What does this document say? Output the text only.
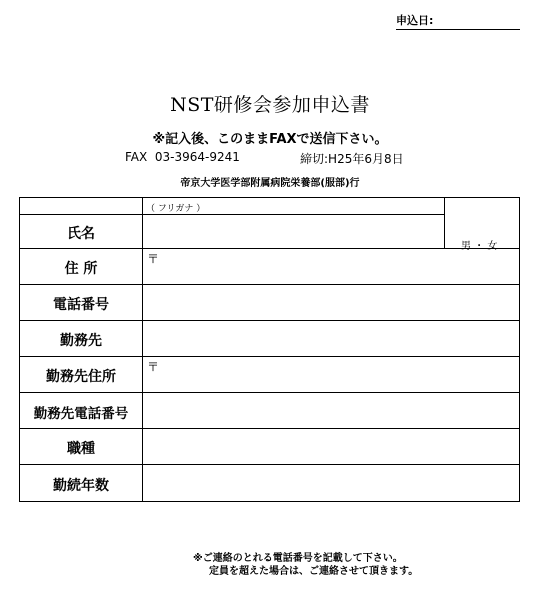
申込日:
NST研修会参加申込書
※記入後、このままFAXで送信下さい。
FAX  03-3964-9241	締切:H25年6月8日
帝京大学医学部附属病院栄養部(服部)行
（ フリガナ ）
氏名
男 ・ 女
住 所
〒
電話番号
勤務先
勤務先住所
〒
勤務先電話番号
職種
勤続年数
※ご連絡のとれる電話番号を記載して下さい。
定員を超えた場合は、ご連絡させて頂きます。
